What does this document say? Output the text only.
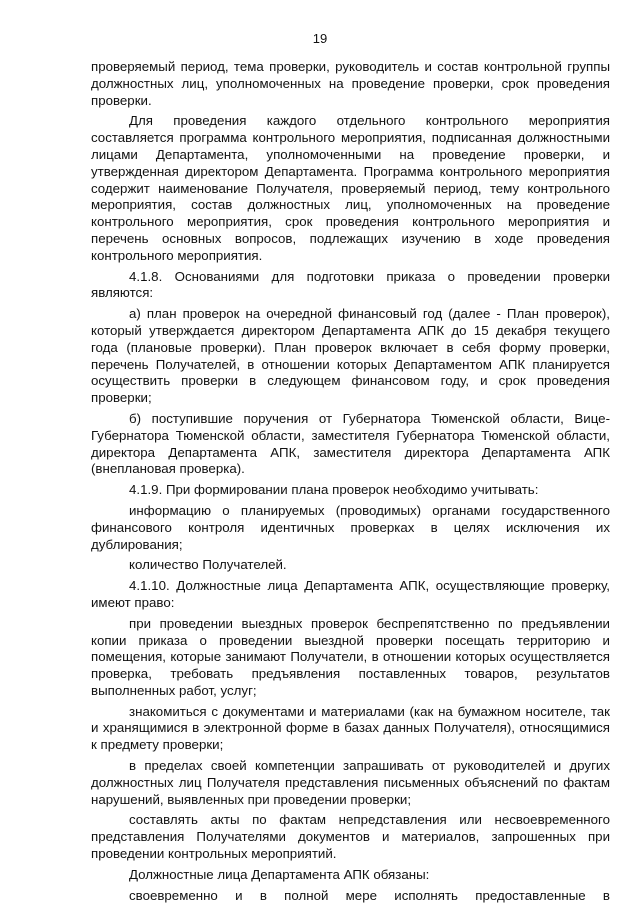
19

проверяемый период, тема проверки, руководитель и состав контрольной группы должностных лиц, уполномоченных на проведение проверки, срок проведения проверки.

Для проведения каждого отдельного контрольного мероприятия составляется программа контрольного мероприятия, подписанная должностными лицами Департамента, уполномоченными на проведение проверки, и утвержденная директором Департамента. Программа контрольного мероприятия содержит наименование Получателя, проверяемый период, тему контрольного мероприятия, состав должностных лиц, уполномоченных на проведение контрольного мероприятия, срок проведения контрольного мероприятия и перечень основных вопросов, подлежащих изучению в ходе проведения контрольного мероприятия.

4.1.8. Основаниями для подготовки приказа о проведении проверки являются:

а) план проверок на очередной финансовый год (далее - План проверок), который утверждается директором Департамента АПК до 15 декабря текущего года (плановые проверки). План проверок включает в себя форму проверки, перечень Получателей, в отношении которых Департаментом АПК планируется осуществить проверки в следующем финансовом году, и срок проведения проверки;

б) поступившие поручения от Губернатора Тюменской области, Вице-Губернатора Тюменской области, заместителя Губернатора Тюменской области, директора Департамента АПК, заместителя директора Департамента АПК (внеплановая проверка).

4.1.9. При формировании плана проверок необходимо учитывать:

информацию о планируемых (проводимых) органами государственного финансового контроля идентичных проверках в целях исключения их дублирования;

количество Получателей.

4.1.10. Должностные лица Департамента АПК, осуществляющие проверку, имеют право:

при проведении выездных проверок беспрепятственно по предъявлении копии приказа о проведении выездной проверки посещать территорию и помещения, которые занимают Получатели, в отношении которых осуществляется проверка, требовать предъявления поставленных товаров, результатов выполненных работ, услуг;

знакомиться с документами и материалами (как на бумажном носителе, так и хранящимися в электронной форме в базах данных Получателя), относящимися к предмету проверки;

в пределах своей компетенции запрашивать от руководителей и других должностных лиц Получателя представления письменных объяснений по фактам нарушений, выявленных при проведении проверки;

составлять акты по фактам непредставления или несвоевременного представления Получателями документов и материалов, запрошенных при проведении контрольных мероприятий.

Должностные лица Департамента АПК обязаны:

своевременно и в полной мере исполнять предоставленные в
